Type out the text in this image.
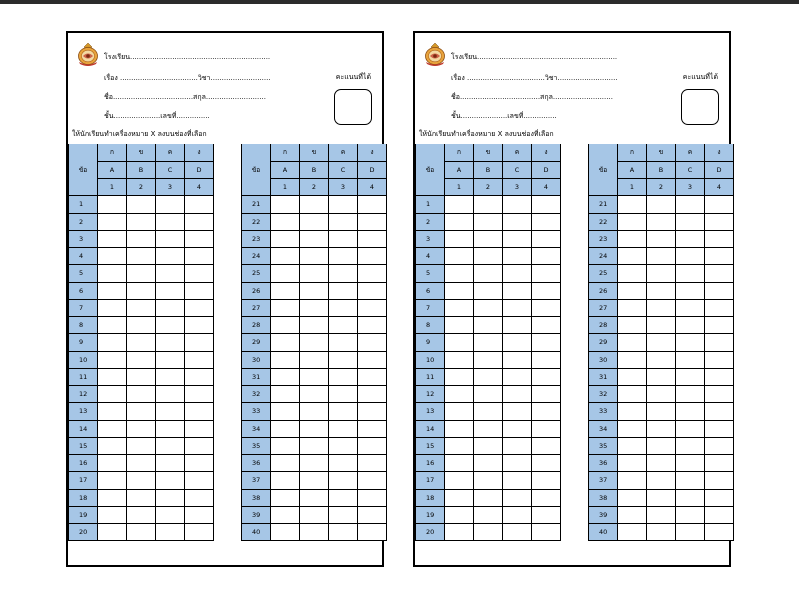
โรงเรียน...............................................................
เรื่อง ...................................วิชา...........................
ชื่อ....................................สกุล...........................
ชั้น.....................เลขที่...............
คะแนนที่ได้
ให้นักเรียนทำเครื่องหมาย X ลงบนช่องที่เลือก
ข้อ	ก	ข	ค	ง
	A	B	C	D
	1	2	3	4
1				
2				
3				
4				
5				
6				
7				
8				
9				
10				
11				
12				
13				
14				
15				
16				
17				
18				
19				
20				
ข้อ	ก	ข	ค	ง
	A	B	C	D
	1	2	3	4
21				
22				
23				
24				
25				
26				
27				
28				
29				
30				
31				
32				
33				
34				
35				
36				
37				
38				
39				
40				
โรงเรียน...............................................................
เรื่อง ...................................วิชา...........................
ชื่อ....................................สกุล...........................
ชั้น.....................เลขที่...............
คะแนนที่ได้
ให้นักเรียนทำเครื่องหมาย X ลงบนช่องที่เลือก
ข้อ	ก	ข	ค	ง
	A	B	C	D
	1	2	3	4
1				
2				
3				
4				
5				
6				
7				
8				
9				
10				
11				
12				
13				
14				
15				
16				
17				
18				
19				
20				
ข้อ	ก	ข	ค	ง
	A	B	C	D
	1	2	3	4
21				
22				
23				
24				
25				
26				
27				
28				
29				
30				
31				
32				
33				
34				
35				
36				
37				
38				
39				
40				
